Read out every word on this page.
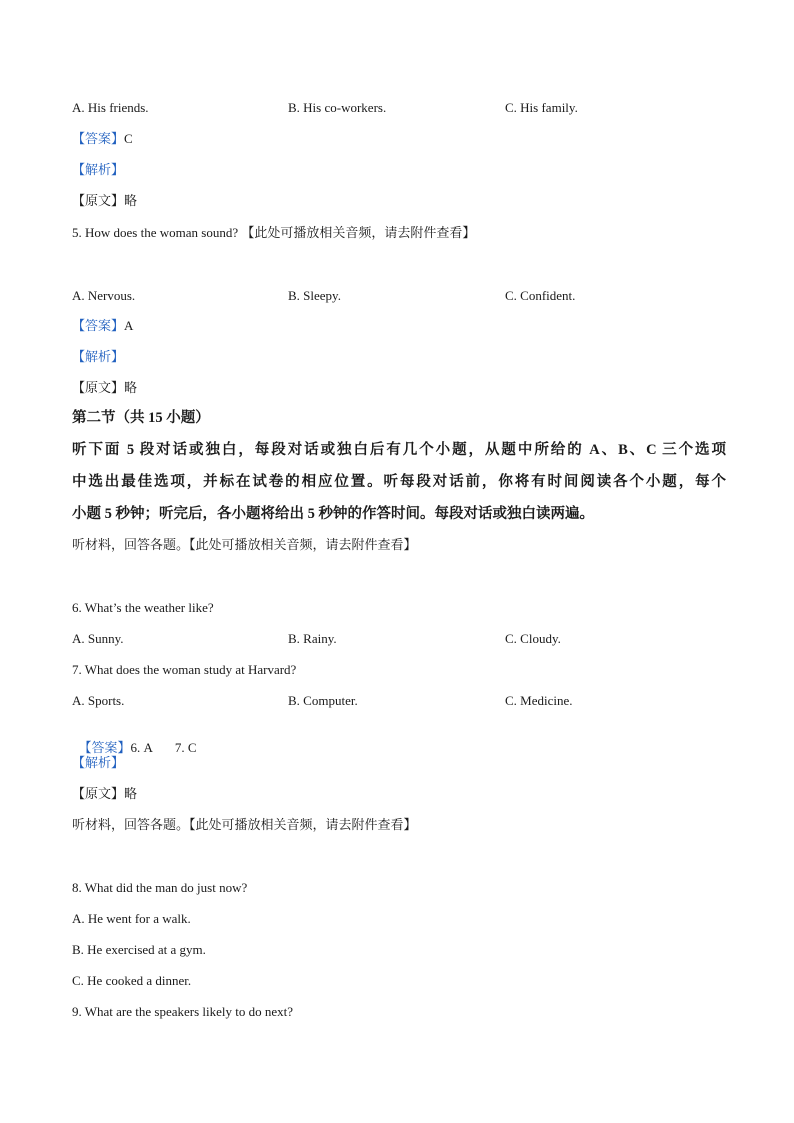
A. His friends.	B. His co-workers.	C. His family.
【答案】C
【解析】
【原文】略
5. How does the woman sound? 【此处可播放相关音频，请去附件查看】
A. Nervous.	B. Sleepy.	C. Confident.
【答案】A
【解析】
【原文】略
第二节（共 15 小题）
听下面 5 段对话或独白，每段对话或独白后有几个小题，从题中所给的 A、B、C 三个选项
中选出最佳选项，并标在试卷的相应位置。听每段对话前，你将有时间阅读各个小题，每个
小题 5 秒钟；听完后，各小题将给出 5 秒钟的作答时间。每段对话或独白读两遍。
听材料，回答各题。【此处可播放相关音频，请去附件查看】
6. What’s the weather like?
A. Sunny.	B. Rainy.	C. Cloudy.
7. What does the woman study at Harvard?
A. Sports.	B. Computer.	C. Medicine.

【答案】6. A       7. C

【解析】
【原文】略
听材料，回答各题。【此处可播放相关音频，请去附件查看】
8. What did the man do just now?
A. He went for a walk.
B. He exercised at a gym.
C. He cooked a dinner.
9. What are the speakers likely to do next?
